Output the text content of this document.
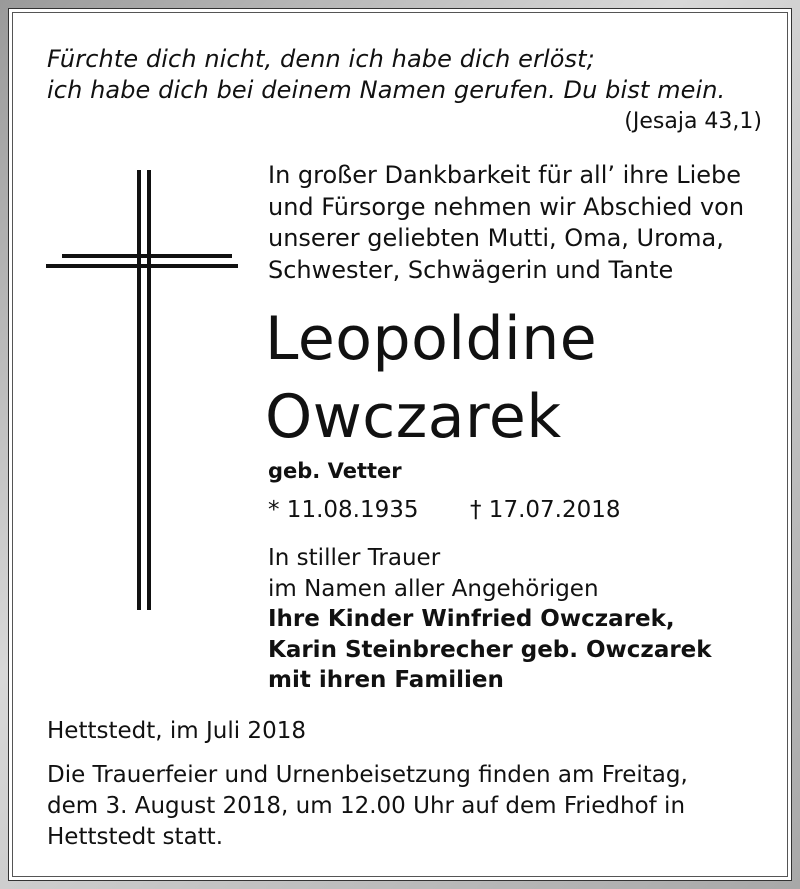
Fürchte dich nicht, denn ich habe dich erlöst;
ich habe dich bei deinem Namen gerufen. Du bist mein.

(Jesaja 43,1)
In großer Dankbarkeit für all’ ihre Liebe
und Fürsorge nehmen wir Abschied von
unserer geliebten Mutti, Oma, Uroma,
Schwester, Schwägerin und Tante
Leopoldine
Owczarek
geb. Vetter
* 11.08.1935 † 17.07.2018
In stiller Trauer
im Namen aller Angehörigen
Ihre Kinder Winfried Owczarek,
Karin Steinbrecher geb. Owczarek
mit ihren Familien
Hettstedt, im Juli 2018
Die Trauerfeier und Urnenbeisetzung finden am Freitag,
dem 3. August 2018, um 12.00 Uhr auf dem Friedhof in
Hettstedt statt.
